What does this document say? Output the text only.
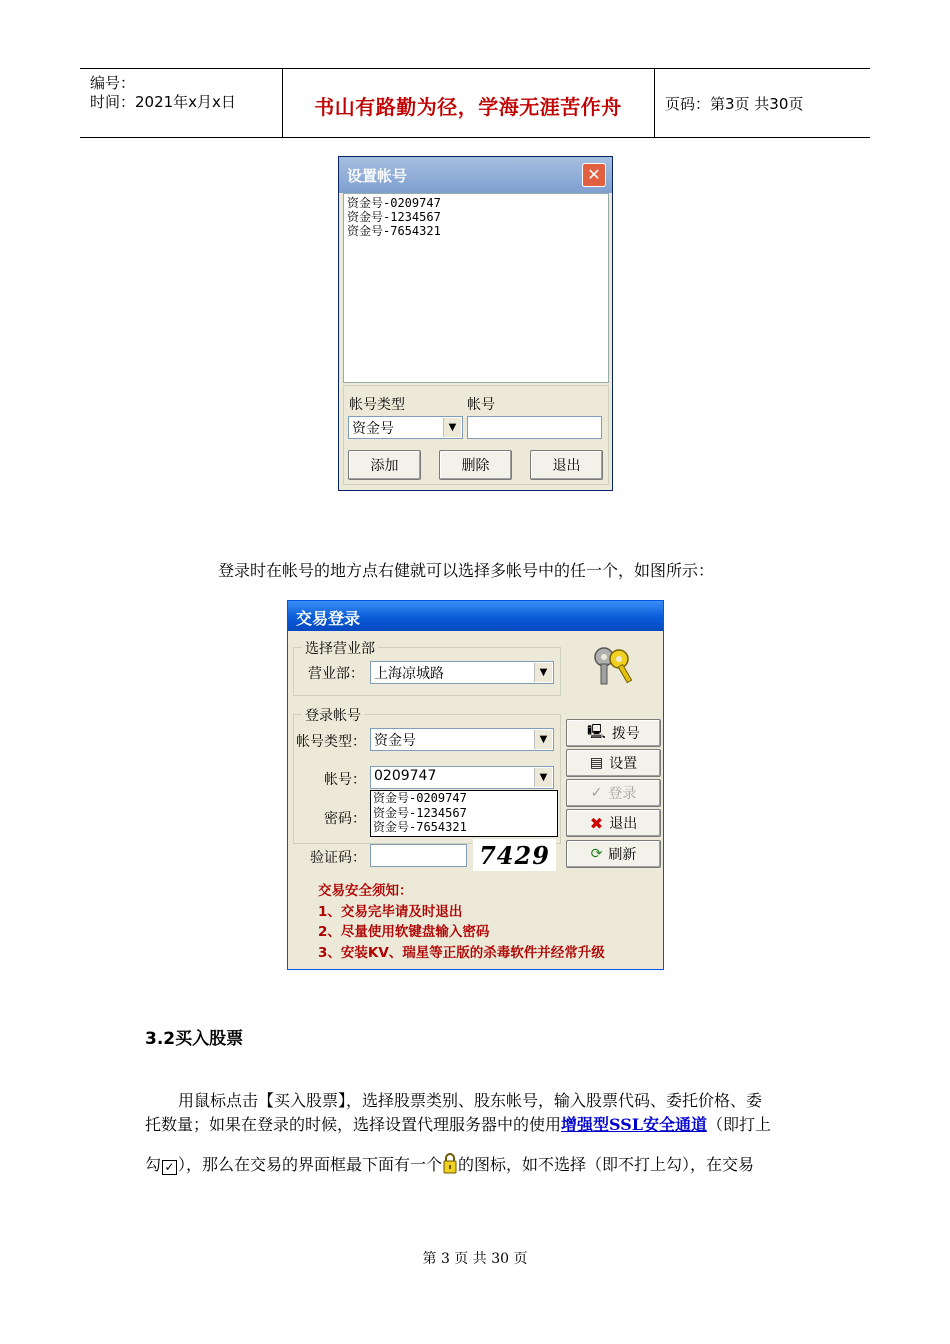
编号：
时间：2021年x月x日	书山有路勤为径，学海无涯苦作舟	页码：第3页 共30页
设置帐号	✕
资金号-0209747
资金号-1234567
资金号-7654321
帐号类型	帐号
资金号	▼
添加	删除	退出
登录时在帐号的地方点右健就可以选择多帐号中的任一个，如图所示：
交易登录
选择营业部
营业部： 上海凉城路	▼
登录帐号
帐号类型： 资金号	▼
帐号： 0209747	▼
资金号-0209747
资金号-1234567
资金号-7654321
密码：
验证码：	7429
🖳 拨号
▤ 设置
✓ 登录
✖ 退出
⟳ 刷新
交易安全须知：
1、交易完毕请及时退出
2、尽量使用软键盘输入密码
3、安装KV、瑞星等正版的杀毒软件并经常升级
3.2买入股票
用鼠标点击【买入股票】，选择股票类别、股东帐号，输入股票代码、委托价格、委
托数量；如果在登录的时候，选择设置代理服务器中的使用增强型SSL安全通道（即打上
勾 ✓ ），那么在交易的界面框最下面有一个 的图标，如不选择（即不打上勾），在交易
第 3 页 共 30 页
